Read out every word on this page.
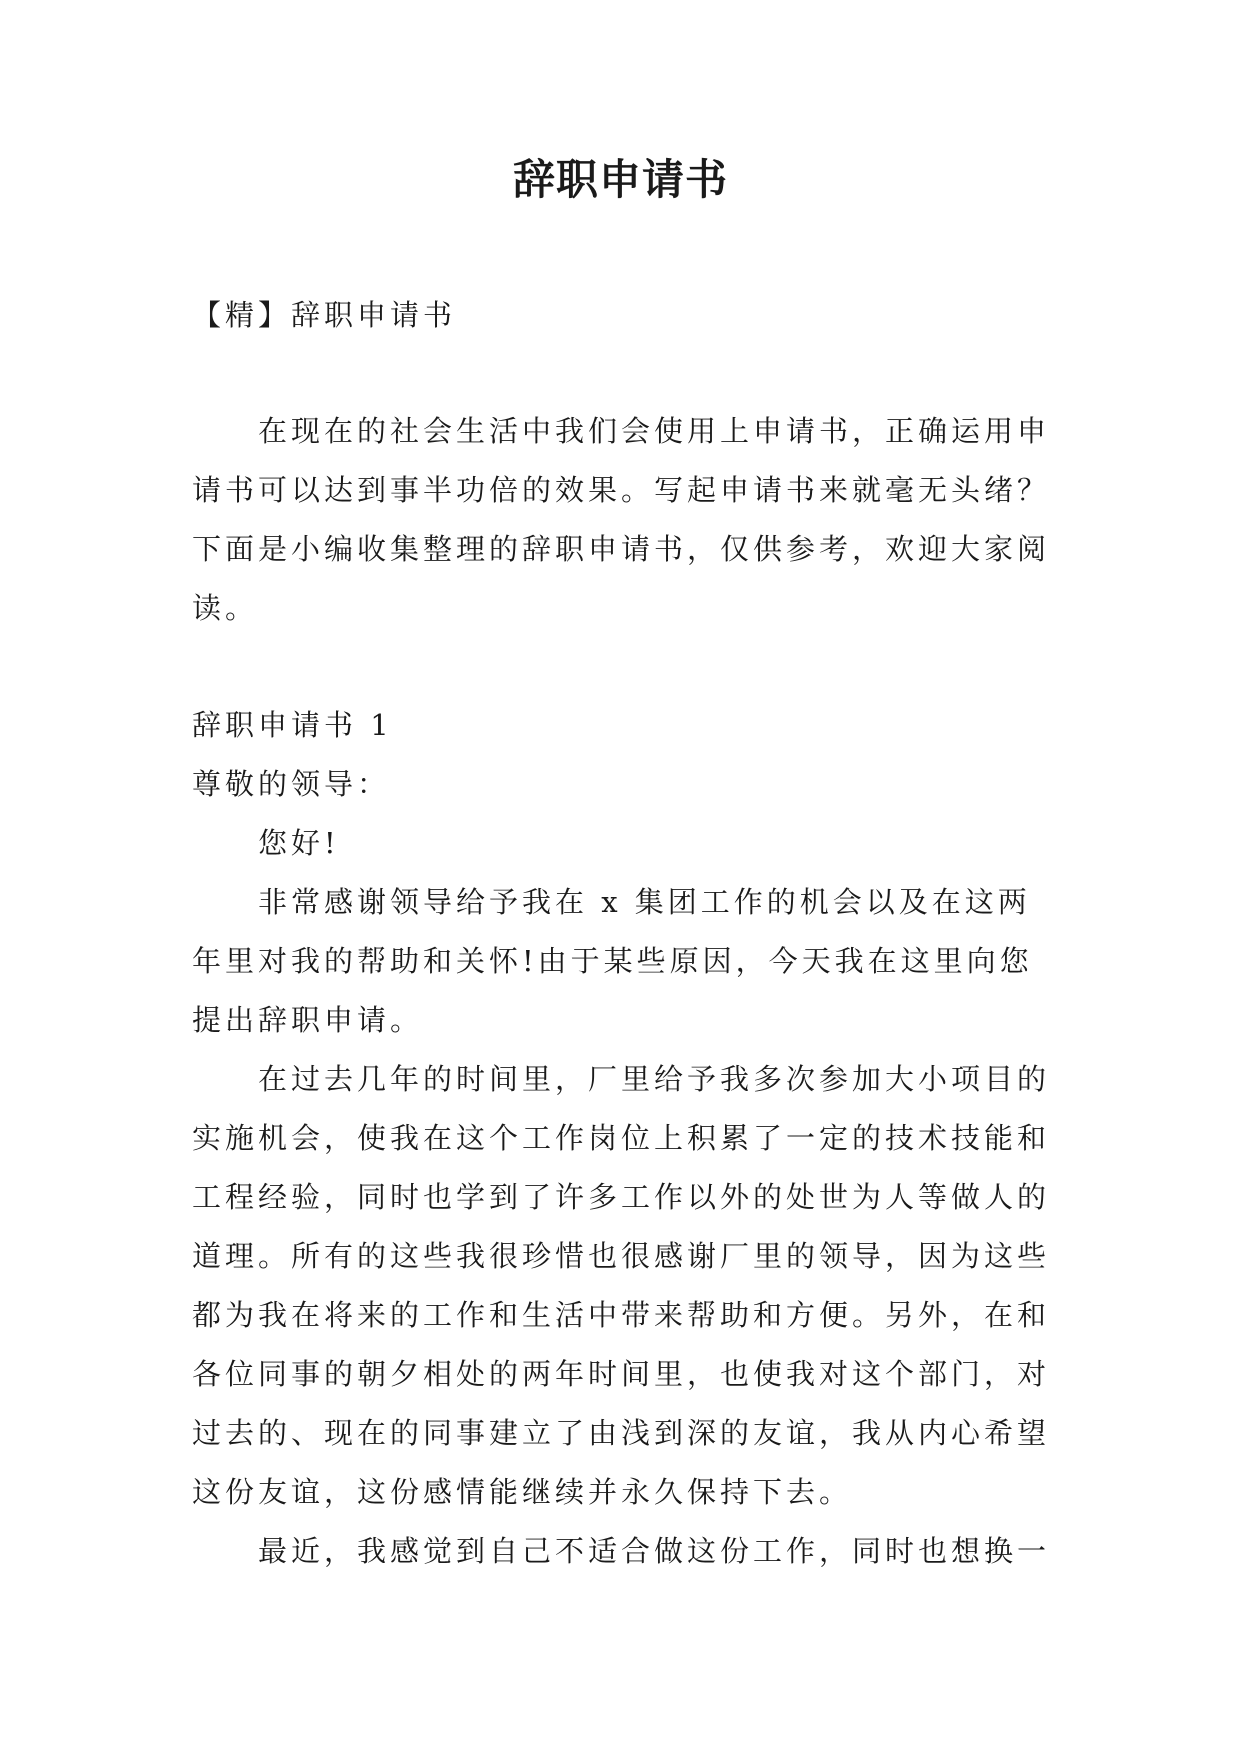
辞职申请书

【精】辞职申请书

在现在的社会生活中我们会使用上申请书，正确运用申请书可以达到事半功倍的效果。写起申请书来就毫无头绪？下面是小编收集整理的辞职申请书，仅供参考，欢迎大家阅读。

辞职申请书 1

尊敬的领导：

您好!

非常感谢领导给予我在 x 集团工作的机会以及在这两年里对我的帮助和关怀!由于某些原因，今天我在这里向您提出辞职申请。

在过去几年的时间里，厂里给予我多次参加大小项目的实施机会，使我在这个工作岗位上积累了一定的技术技能和工程经验，同时也学到了许多工作以外的处世为人等做人的道理。所有的这些我很珍惜也很感谢厂里的领导，因为这些都为我在将来的工作和生活中带来帮助和方便。另外，在和各位同事的朝夕相处的两年时间里，也使我对这个部门，对过去的、现在的同事建立了由浅到深的友谊，我从内心希望这份友谊，这份感情能继续并永久保持下去。

最近，我感觉到自己不适合做这份工作，同时也想换一
